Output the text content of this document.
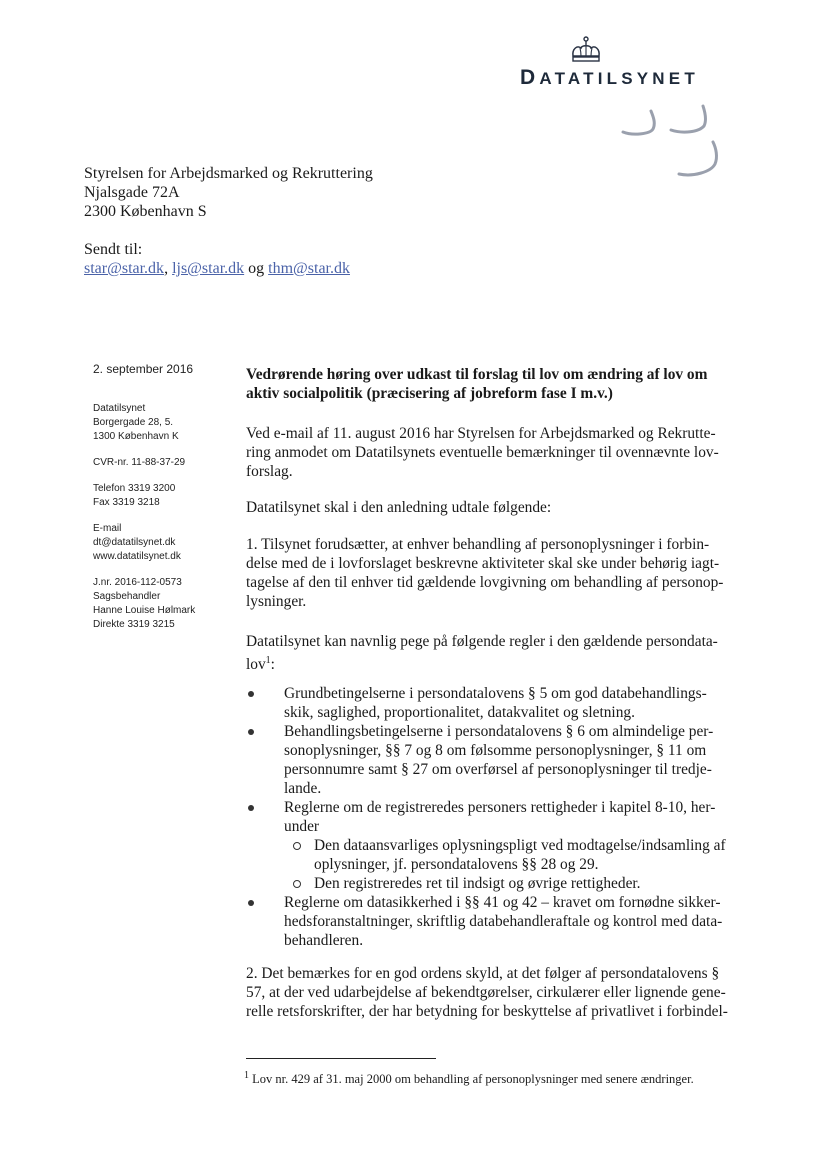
DATATILSYNET
Styrelsen for Arbejdsmarked og Rekruttering
Njalsgade 72A
2300 København S
Sendt til:
star@star.dk, ljs@star.dk og thm@star.dk
2. september 2016
Datatilsynet
Borgergade 28, 5.
1300 København K
CVR-nr. 11-88-37-29
Telefon 3319 3200
Fax 3319 3218
E-mail
dt@datatilsynet.dk
www.datatilsynet.dk
J.nr. 2016-112-0573
Sagsbehandler
Hanne Louise Hølmark
Direkte 3319 3215
Vedrørende høring over udkast til forslag til lov om ændring af lov om
aktiv socialpolitik (præcisering af jobreform fase I m.v.)
Ved e-mail af 11. august 2016 har Styrelsen for Arbejdsmarked og Rekrutte-
ring anmodet om Datatilsynets eventuelle bemærkninger til ovennævnte lov-
forslag.
Datatilsynet skal i den anledning udtale følgende:
1. Tilsynet forudsætter, at enhver behandling af personoplysninger i forbin-
delse med de i lovforslaget beskrevne aktiviteter skal ske under behørig iagt-
tagelse af den til enhver tid gældende lovgivning om behandling af personop-
lysninger.
Datatilsynet kan navnlig pege på følgende regler i den gældende persondata-
lov$^1$:
Grundbetingelserne i persondatalovens § 5 om god databehandlings-
skik, saglighed, proportionalitet, datakvalitet og sletning.
Behandlingsbetingelserne i persondatalovens § 6 om almindelige per-
sonoplysninger, §§ 7 og 8 om følsomme personoplysninger, § 11 om
personnumre samt § 27 om overførsel af personoplysninger til tredje-
lande.
Reglerne om de registreredes personers rettigheder i kapitel 8-10, her-
under
Den dataansvarliges oplysningspligt ved modtagelse/indsamling af
oplysninger, jf. persondatalovens §§ 28 og 29.
Den registreredes ret til indsigt og øvrige rettigheder.
Reglerne om datasikkerhed i §§ 41 og 42 – kravet om fornødne sikker-
hedsforanstaltninger, skriftlig databehandleraftale og kontrol med data-
behandleren.
2. Det bemærkes for en god ordens skyld, at det følger af persondatalovens §
57, at der ved udarbejdelse af bekendtgørelser, cirkulærer eller lignende gene-
relle retsforskrifter, der har betydning for beskyttelse af privatlivet i forbindel-
$^1$ Lov nr. 429 af 31. maj 2000 om behandling af personoplysninger med senere ændringer.
